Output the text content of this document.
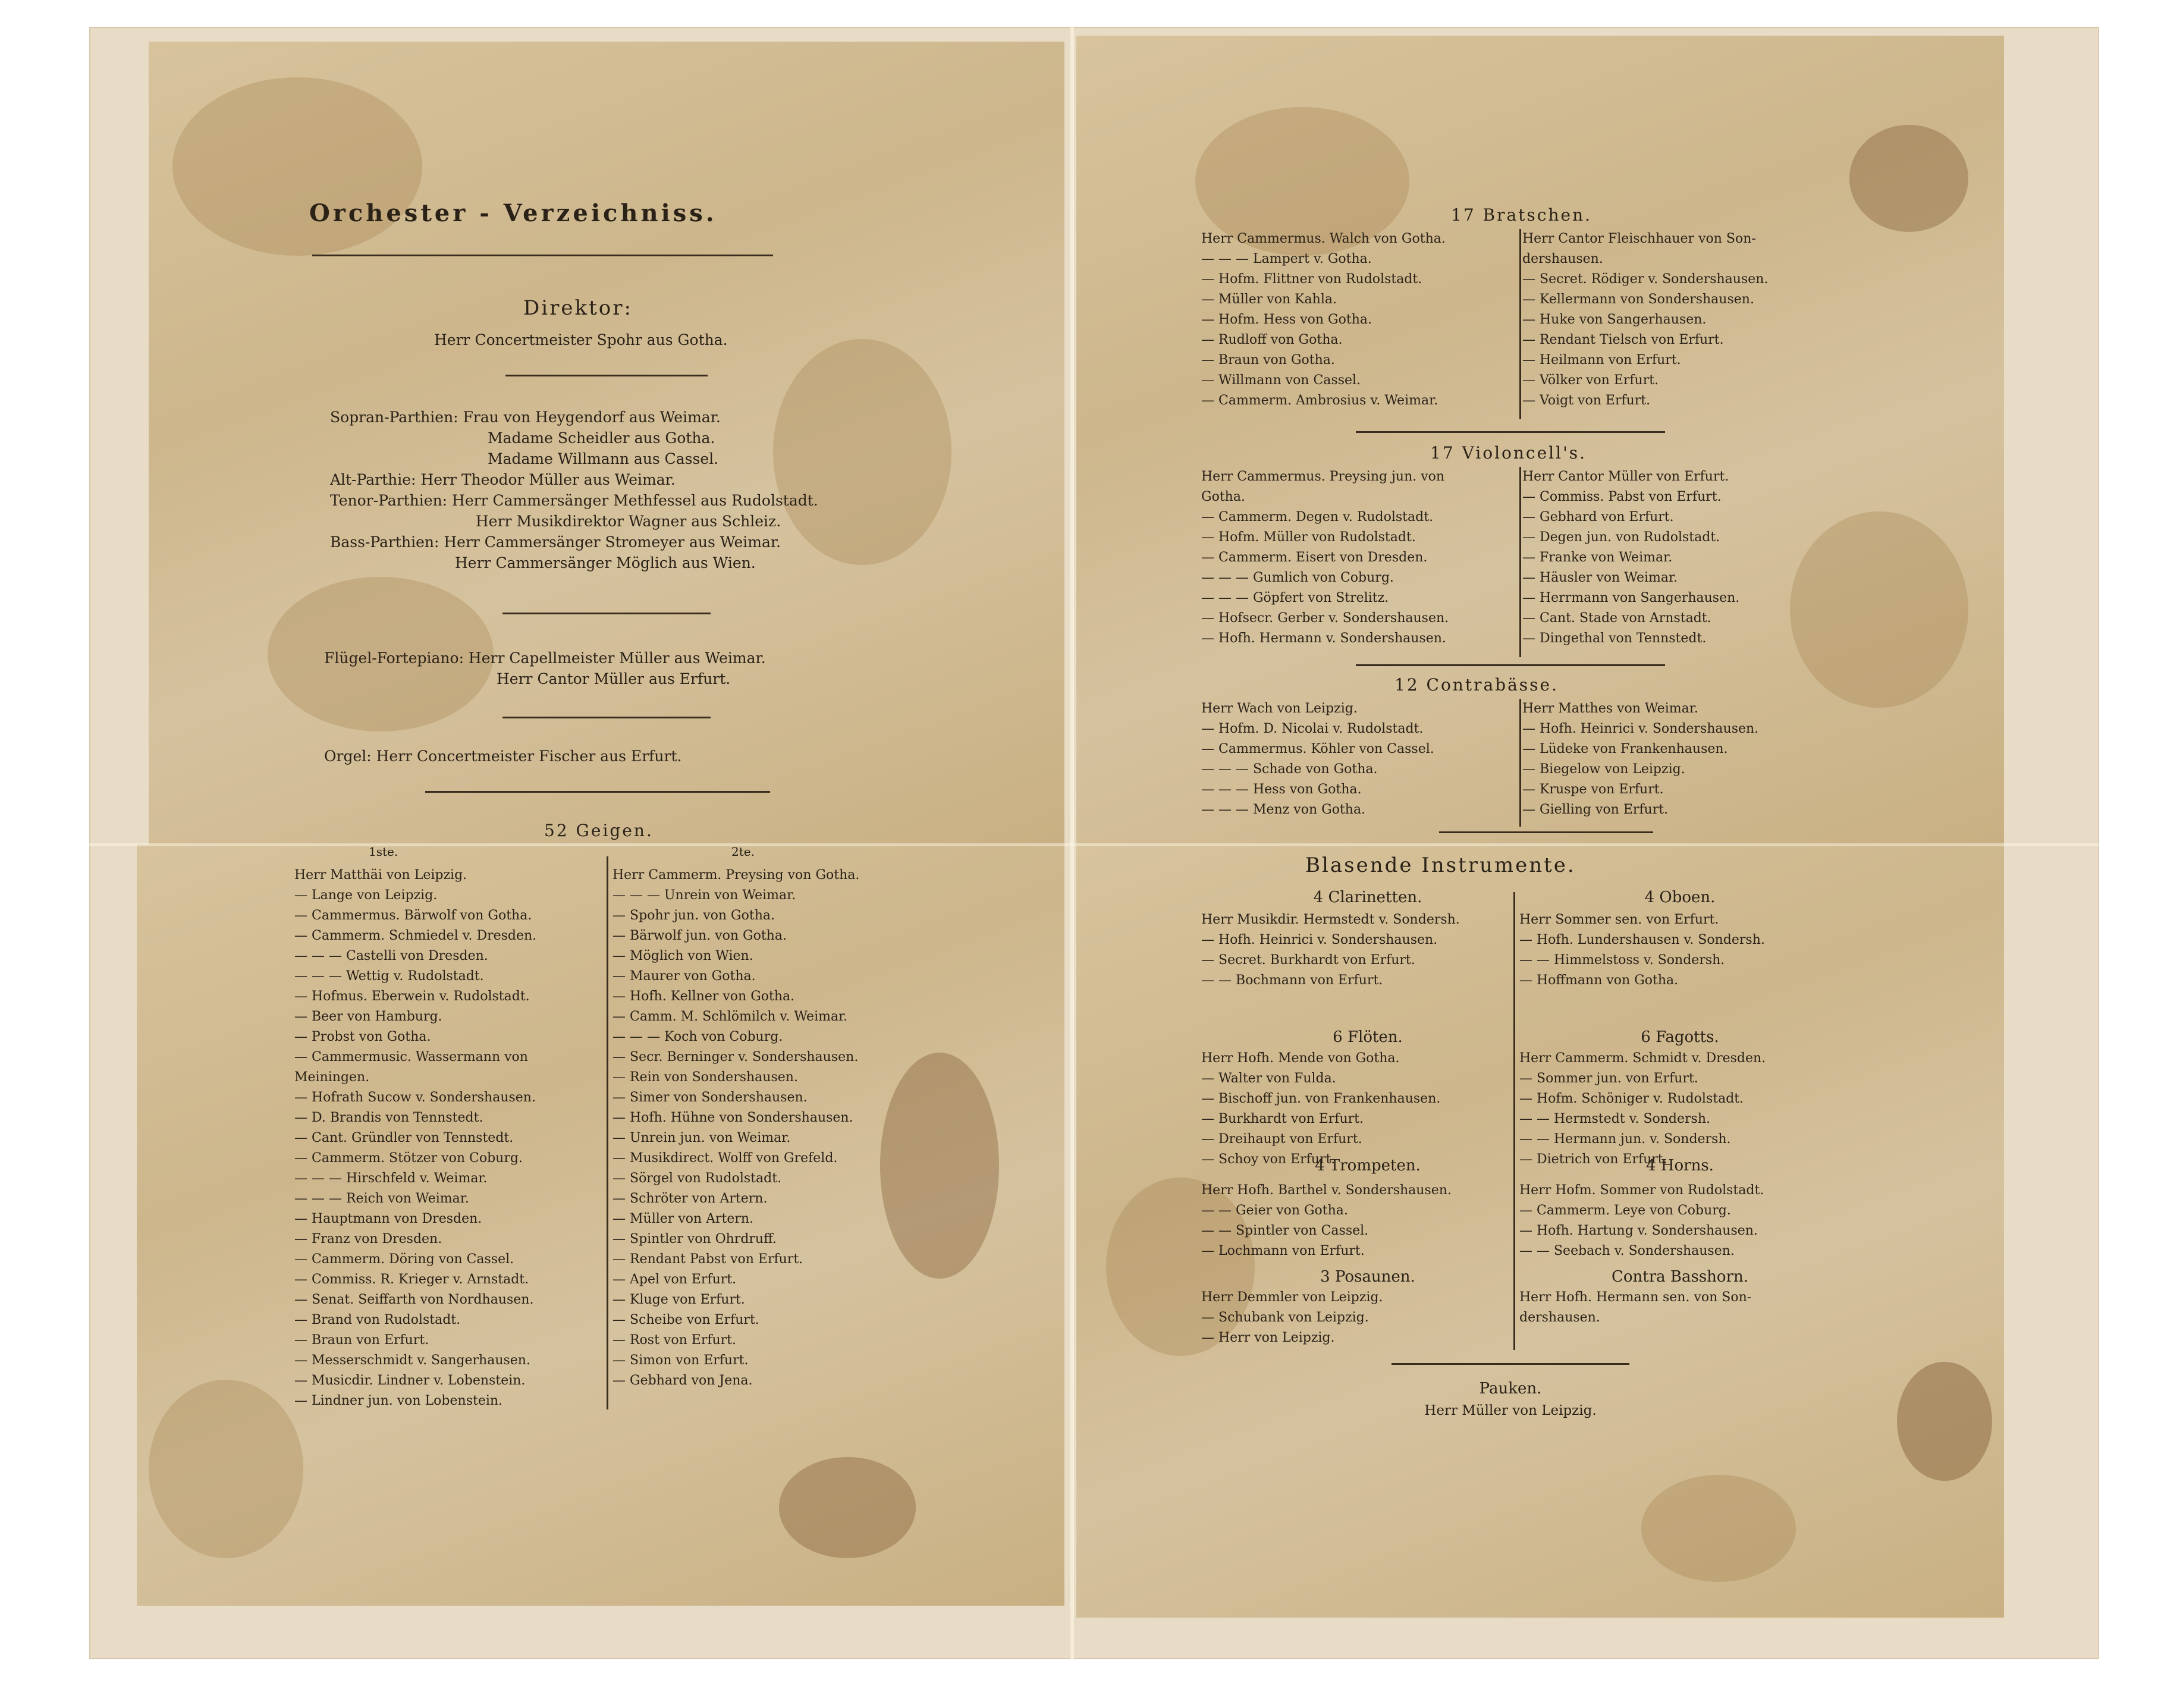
Orchester - Verzeichniss.
Direktor:
Herr Concertmeister Spohr aus Gotha.
Sopran-Parthien: Frau von Heygendorf aus Weimar.
Madame Scheidler aus Gotha.
Madame Willmann aus Cassel.
Alt-Parthie: Herr Theodor Müller aus Weimar.
Tenor-Parthien: Herr Cammersänger Methfessel aus Rudolstadt.
Herr Musikdirektor Wagner aus Schleiz.
Bass-Parthien: Herr Cammersänger Stromeyer aus Weimar.
Herr Cammersänger Möglich aus Wien.
Flügel-Fortepiano: Herr Capellmeister Müller aus Weimar.
Herr Cantor Müller aus Erfurt.
Orgel: Herr Concertmeister Fischer aus Erfurt.
52 Geigen.
1ste.	2te.
Herr Matthäi von Leipzig.
— Lange von Leipzig.
— Cammermus. Bärwolf von Gotha.
— Cammerm. Schmiedel v. Dresden.
— — — Castelli von Dresden.
— — — Wettig v. Rudolstadt.
— Hofmus. Eberwein v. Rudolstadt.
— Beer von Hamburg.
— Probst von Gotha.
— Cammermusic. Wassermann von
Meiningen.
— Hofrath Sucow v. Sondershausen.
— D. Brandis von Tennstedt.
— Cant. Gründler von Tennstedt.
— Cammerm. Stötzer von Coburg.
— — — Hirschfeld v. Weimar.
— — — Reich von Weimar.
— Hauptmann von Dresden.
— Franz von Dresden.
— Cammerm. Döring von Cassel.
— Commiss. R. Krieger v. Arnstadt.
— Senat. Seiffarth von Nordhausen.
— Brand von Rudolstadt.
— Braun von Erfurt.
— Messerschmidt v. Sangerhausen.
— Musicdir. Lindner v. Lobenstein.
— Lindner jun. von Lobenstein.
Herr Cammerm. Preysing von Gotha.
— — — Unrein von Weimar.
— Spohr jun. von Gotha.
— Bärwolf jun. von Gotha.
— Möglich von Wien.
— Maurer von Gotha.
— Hofh. Kellner von Gotha.
— Camm. M. Schlömilch v. Weimar.
— — — Koch von Coburg.
— Secr. Berninger v. Sondershausen.
— Rein von Sondershausen.
— Simer von Sondershausen.
— Hofh. Hühne von Sondershausen.
— Unrein jun. von Weimar.
— Musikdirect. Wolff von Grefeld.
— Sörgel von Rudolstadt.
— Schröter von Artern.
— Müller von Artern.
— Spintler von Ohrdruff.
— Rendant Pabst von Erfurt.
— Apel von Erfurt.
— Kluge von Erfurt.
— Scheibe von Erfurt.
— Rost von Erfurt.
— Simon von Erfurt.
— Gebhard von Jena.
17 Bratschen.
Herr Cammermus. Walch von Gotha.
— — — Lampert v. Gotha.
— Hofm. Flittner von Rudolstadt.
— Müller von Kahla.
— Hofm. Hess von Gotha.
— Rudloff von Gotha.
— Braun von Gotha.
— Willmann von Cassel.
— Cammerm. Ambrosius v. Weimar.
Herr Cantor Fleischhauer von Son-
dershausen.
— Secret. Rödiger v. Sondershausen.
— Kellermann von Sondershausen.
— Huke von Sangerhausen.
— Rendant Tielsch von Erfurt.
— Heilmann von Erfurt.
— Völker von Erfurt.
— Voigt von Erfurt.
17 Violoncell's.
Herr Cammermus. Preysing jun. von
Gotha.
— Cammerm. Degen v. Rudolstadt.
— Hofm. Müller von Rudolstadt.
— Cammerm. Eisert von Dresden.
— — — Gumlich von Coburg.
— — — Göpfert von Strelitz.
— Hofsecr. Gerber v. Sondershausen.
— Hofh. Hermann v. Sondershausen.
Herr Cantor Müller von Erfurt.
— Commiss. Pabst von Erfurt.
— Gebhard von Erfurt.
— Degen jun. von Rudolstadt.
— Franke von Weimar.
— Häusler von Weimar.
— Herrmann von Sangerhausen.
— Cant. Stade von Arnstadt.
— Dingethal von Tennstedt.
12 Contrabässe.
Herr Wach von Leipzig.
— Hofm. D. Nicolai v. Rudolstadt.
— Cammermus. Köhler von Cassel.
— — — Schade von Gotha.
— — — Hess von Gotha.
— — — Menz von Gotha.
Herr Matthes von Weimar.
— Hofh. Heinrici v. Sondershausen.
— Lüdeke von Frankenhausen.
— Biegelow von Leipzig.
— Kruspe von Erfurt.
— Gielling von Erfurt.
Blasende Instrumente.
4 Clarinetten.
Herr Musikdir. Hermstedt v. Sondersh.
— Hofh. Heinrici v. Sondershausen.
— Secret. Burkhardt von Erfurt.
— — Bochmann von Erfurt.
6 Flöten.
Herr Hofh. Mende von Gotha.
— Walter von Fulda.
— Bischoff jun. von Frankenhausen.
— Burkhardt von Erfurt.
— Dreihaupt von Erfurt.
— Schoy von Erfurt.
4 Trompeten.
Herr Hofh. Barthel v. Sondershausen.
— — Geier von Gotha.
— — Spintler von Cassel.
— Lochmann von Erfurt.
3 Posaunen.
Herr Demmler von Leipzig.
— Schubank von Leipzig.
— Herr von Leipzig.
4 Oboen.
Herr Sommer sen. von Erfurt.
— Hofh. Lundershausen v. Sondersh.
— — Himmelstoss v. Sondersh.
— Hoffmann von Gotha.
6 Fagotts.
Herr Cammerm. Schmidt v. Dresden.
— Sommer jun. von Erfurt.
— Hofm. Schöniger v. Rudolstadt.
— — Hermstedt v. Sondersh.
— — Hermann jun. v. Sondersh.
— Dietrich von Erfurt.
4 Horns.
Herr Hofm. Sommer von Rudolstadt.
— Cammerm. Leye von Coburg.
— Hofh. Hartung v. Sondershausen.
— — Seebach v. Sondershausen.
Contra Basshorn.
Herr Hofh. Hermann sen. von Son-
dershausen.
Pauken.
Herr Müller von Leipzig.
